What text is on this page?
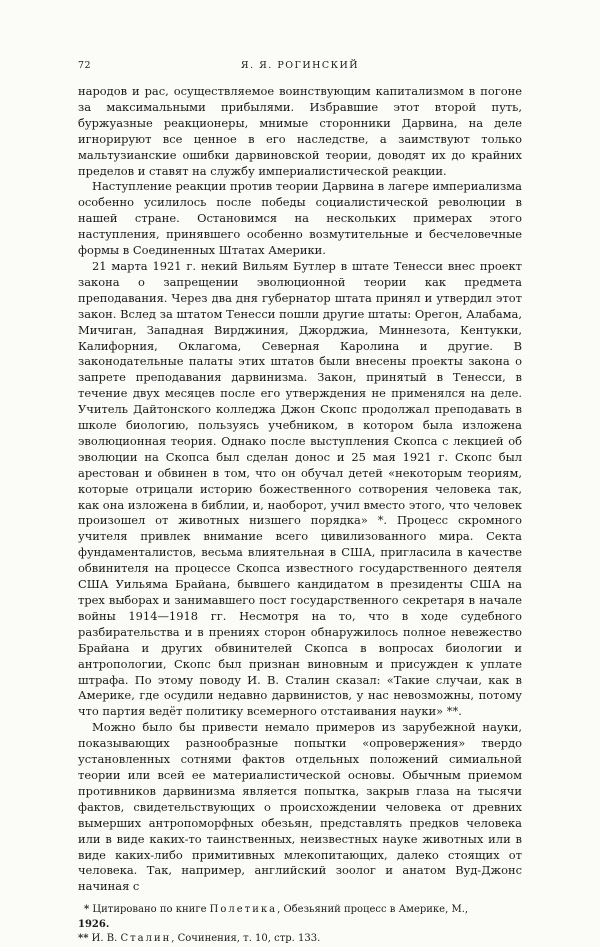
72	Я. Я. РОГИНСКИЙ

народов и рас, осуществляемое воинствующим капитализмом в погоне за максимальными прибылями. Избравшие этот второй путь, буржуазные реакционеры, мнимые сторонники Дарвина, на деле игнорируют все ценное в его наследстве, а заимствуют только мальтузианские ошибки дарвиновской теории, доводят их до крайних пределов и ставят на службу империалистической реакции.

Наступление реакции против теории Дарвина в лагере империализма особенно усилилось после победы социалистической революции в нашей стране. Остановимся на нескольких примерах этого наступления, принявшего особенно возмутительные и бесчеловечные формы в Соединенных Штатах Америки.

21 марта 1921 г. некий Вильям Бутлер в штате Тенесси внес проект закона о запрещении эволюционной теории как предмета преподавания. Через два дня губернатор штата принял и утвердил этот закон. Вслед за штатом Тенесси пошли другие штаты: Орегон, Алабама, Мичиган, Западная Вирджиния, Джорджиа, Миннезота, Кентукки, Калифорния, Оклагома, Северная Каролина и другие. В законодательные палаты этих штатов были внесены проекты закона о запрете преподавания дарвинизма. Закон, принятый в Тенесси, в течение двух месяцев после его утверждения не применялся на деле. Учитель Дайтонского колледжа Джон Скопс продолжал преподавать в школе биологию, пользуясь учебником, в котором была изложена эволюционная теория. Однако после выступления Скопса с лекцией об эволюции на Скопса был сделан донос и 25 мая 1921 г. Скопс был арестован и обвинен в том, что он обучал детей «некоторым теориям, которые отрицали историю божественного сотворения человека так, как она изложена в библии, и, наоборот, учил вместо этого, что человек произошел от животных низшего порядка» *. Процесс скромного учителя привлек внимание всего цивилизованного мира. Секта фундаменталистов, весьма влиятельная в США, пригласила в качестве обвинителя на процессе Скопса известного государственного деятеля США Уильяма Брайана, бывшего кандидатом в президенты США на трех выборах и занимавшего пост государственного секретаря в начале войны 1914—1918 гг. Несмотря на то, что в ходе судебного разбирательства и в прениях сторон обнаружилось полное невежество Брайана и других обвинителей Скопса в вопросах биологии и антропологии, Скопс был признан виновным и присужден к уплате штрафа. По этому поводу И. В. Сталин сказал: «Такие случаи, как в Америке, где осудили недавно дарвинистов, у нас невозможны, потому что партия ведёт политику всемерного отстаивания науки» **.

Можно было бы привести немало примеров из зарубежной науки, показывающих разнообразные попытки «опровержения» твердо установленных сотнями фактов отдельных положений симиальной теории или всей ее материалистической основы. Обычным приемом противников дарвинизма является попытка, закрыв глаза на тысячи фактов, свидетельствующих о происхождении человека от древних вымерших антропоморфных обезьян, представлять предков человека или в виде каких-то таинственных, неизвестных науке животных или в виде каких-либо примитивных млекопитающих, далеко стоящих от человека. Так, например, английский зоолог и анатом Вуд-Джонс начиная с

* Цитировано по книге Полетика, Обезьяний процесс в Америке, М.,
1926.

** И. В. Сталин, Сочинения, т. 10, стр. 133.
